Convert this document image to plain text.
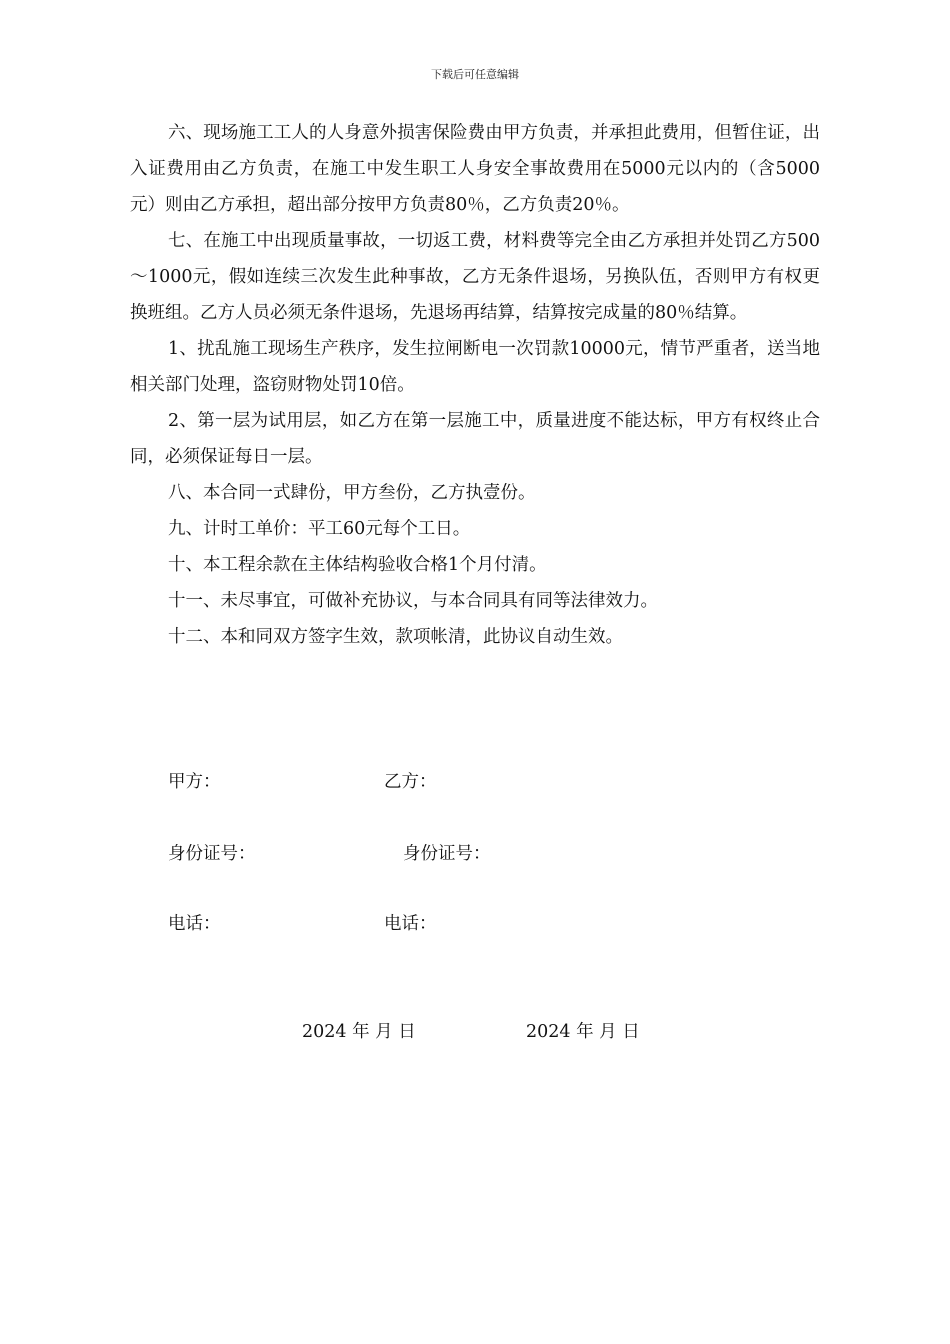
下载后可任意编辑

六、现场施工工人的人身意外损害保险费由甲方负责，并承担此费用，但暂住证，出入证费用由乙方负责，在施工中发生职工人身安全事故费用在5000元以内的（含5000元）则由乙方承担，超出部分按甲方负责80％，乙方负责20％。

七、在施工中出现质量事故，一切返工费，材料费等完全由乙方承担并处罚乙方500～1000元，假如连续三次发生此种事故，乙方无条件退场，另换队伍，否则甲方有权更换班组。乙方人员必须无条件退场，先退场再结算，结算按完成量的80％结算。

1、扰乱施工现场生产秩序，发生拉闸断电一次罚款10000元，情节严重者，送当地相关部门处理，盗窃财物处罚10倍。

2、第一层为试用层，如乙方在第一层施工中，质量进度不能达标，甲方有权终止合同，必须保证每日一层。

八、本合同一式肆份，甲方叁份，乙方执壹份。

九、计时工单价：平工60元每个工日。

十、本工程余款在主体结构验收合格1个月付清。

十一、未尽事宜，可做补充协议，与本合同具有同等法律效力。

十二、本和同双方签字生效，款项帐清，此协议自动生效。

甲方：	乙方：
身份证号：	身份证号：
电话：	电话：
2024 年 月 日	2024 年 月 日
